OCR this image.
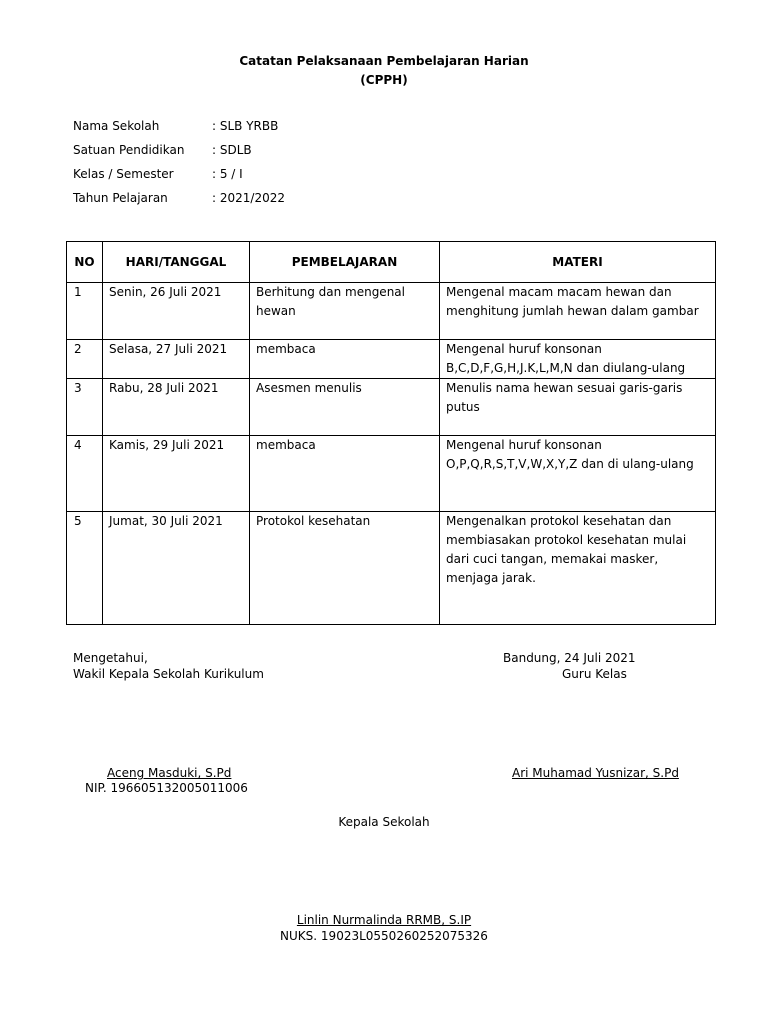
Catatan Pelaksanaan Pembelajaran Harian
(CPPH)
Nama Sekolah	: SLB YRBB
Satuan Pendidikan : SDLB
Kelas / Semester	: 5 / I
Tahun Pelajaran	: 2021/2022
NO	HARI/TANGGAL	PEMBELAJARAN	MATERI
1	Senin, 26 Juli 2021	Berhitung dan mengenal hewan	Mengenal macam macam hewan dan menghitung jumlah hewan dalam gambar
2	Selasa, 27 Juli 2021	membaca	Mengenal huruf konsonan B,C,D,F,G,H,J.K,L,M,N dan diulang-ulang
3	Rabu, 28 Juli 2021	Asesmen menulis	Menulis nama hewan sesuai garis-garis putus
4	Kamis, 29 Juli 2021	membaca	Mengenal huruf konsonan O,P,Q,R,S,T,V,W,X,Y,Z dan di ulang-ulang
5	Jumat, 30 Juli 2021	Protokol kesehatan	Mengenalkan protokol kesehatan dan membiasakan protokol kesehatan mulai dari cuci tangan, memakai masker, menjaga jarak.
Mengetahui,
Wakil Kepala Sekolah Kurikulum
Bandung, 24 Juli 2021
Guru Kelas
Aceng Masduki, S.Pd
NIP. 196605132005011006
Ari Muhamad Yusnizar, S.Pd
Kepala Sekolah
Linlin Nurmalinda RRMB, S.IP
NUKS. 19023L0550260252075326
